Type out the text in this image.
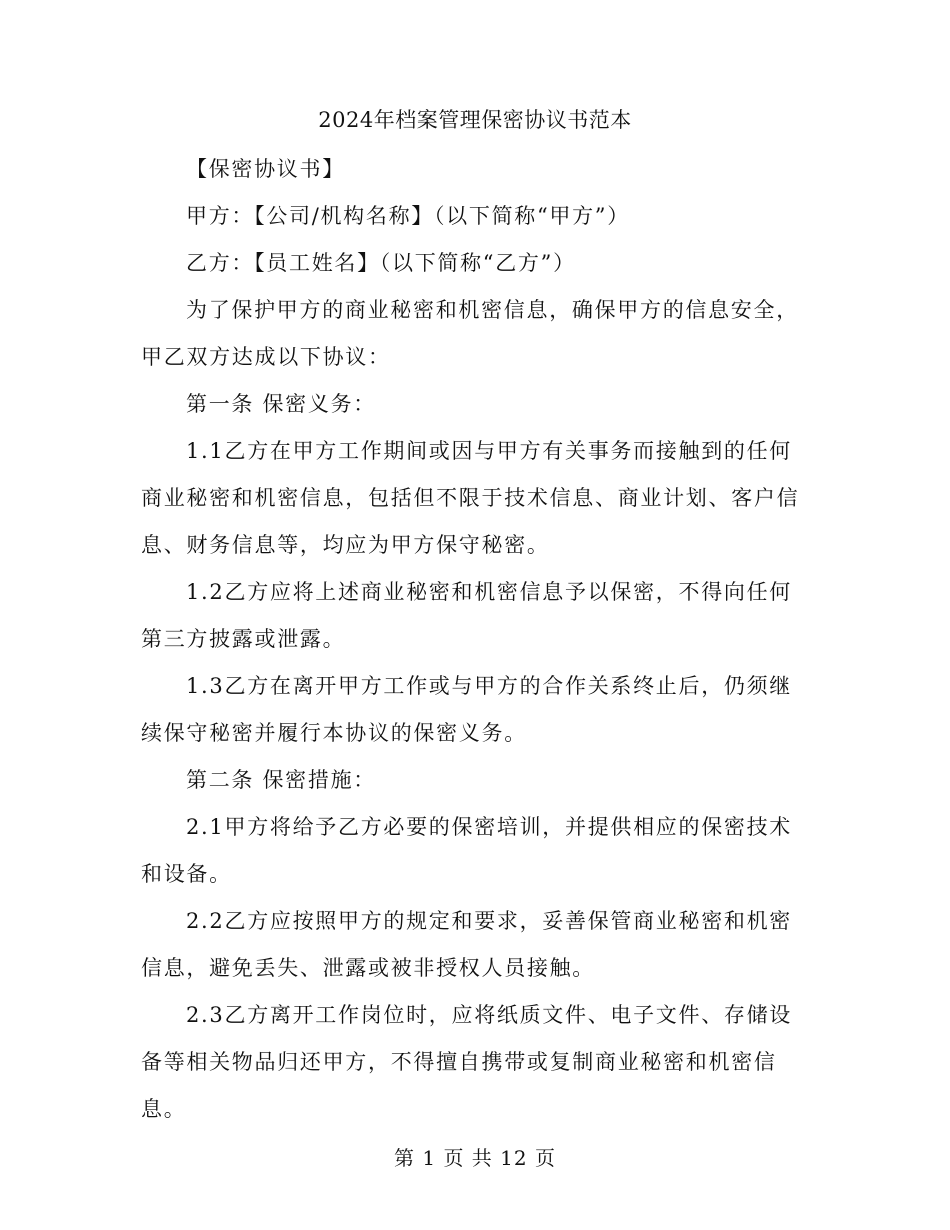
2024年档案管理保密协议书范本

【保密协议书】

甲方：【公司/机构名称】（以下简称“甲方”）

乙方：【员工姓名】（以下简称“乙方”）

为了保护甲方的商业秘密和机密信息，确保甲方的信息安全，甲乙双方达成以下协议：

第一条 保密义务：

1.1乙方在甲方工作期间或因与甲方有关事务而接触到的任何商业秘密和机密信息，包括但不限于技术信息、商业计划、客户信息、财务信息等，均应为甲方保守秘密。

1.2乙方应将上述商业秘密和机密信息予以保密，不得向任何第三方披露或泄露。

1.3乙方在离开甲方工作或与甲方的合作关系终止后，仍须继续保守秘密并履行本协议的保密义务。

第二条 保密措施：

2.1甲方将给予乙方必要的保密培训，并提供相应的保密技术和设备。

2.2乙方应按照甲方的规定和要求，妥善保管商业秘密和机密信息，避免丢失、泄露或被非授权人员接触。

2.3乙方离开工作岗位时，应将纸质文件、电子文件、存储设备等相关物品归还甲方，不得擅自携带或复制商业秘密和机密信息。

第 1 页 共 12 页
